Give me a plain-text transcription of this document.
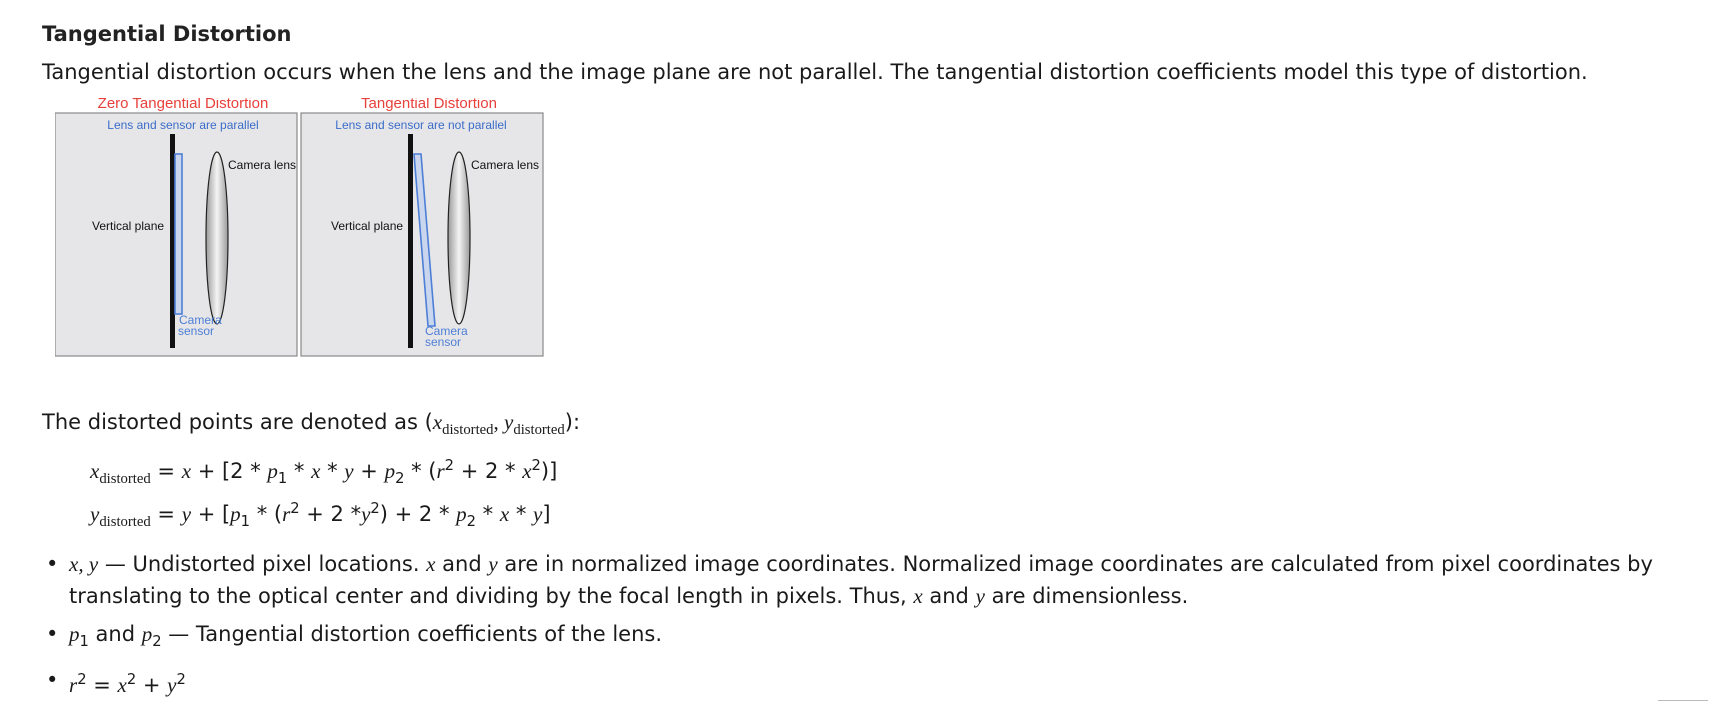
Tangential Distortion
Tangential distortion occurs when the lens and the image plane are not parallel. The tangential distortion coefficients model this type of distortion.
Zero Tangential Distortion
Lens and sensor are parallel
Vertical plane
Camera lens
Camera
sensor
Tangential Distortion
Lens and sensor are not parallel
Vertical plane
Camera lens
Camera
sensor
The distorted points are denoted as ($x_{distorted}$, $y_{distorted}$):
$x_{distorted} = x + [2 * p_1 * x * y + p_2 * (r^2 + 2 * x^2)]$
$y_{distorted} = y + [p_1 * (r^2 + 2$ $*y^2) + 2 * p_2 * x * y$]
• x, y — Undistorted pixel locations. x and y are in normalized image coordinates. Normalized image coordinates are calculated from pixel coordinates by translating to the optical center and dividing by the focal length in pixels. Thus, x and y are dimensionless.
• $p_1$ and $p_2$ — Tangential distortion coefficients of the lens.
• $r^2 = x^2 + y^2$
